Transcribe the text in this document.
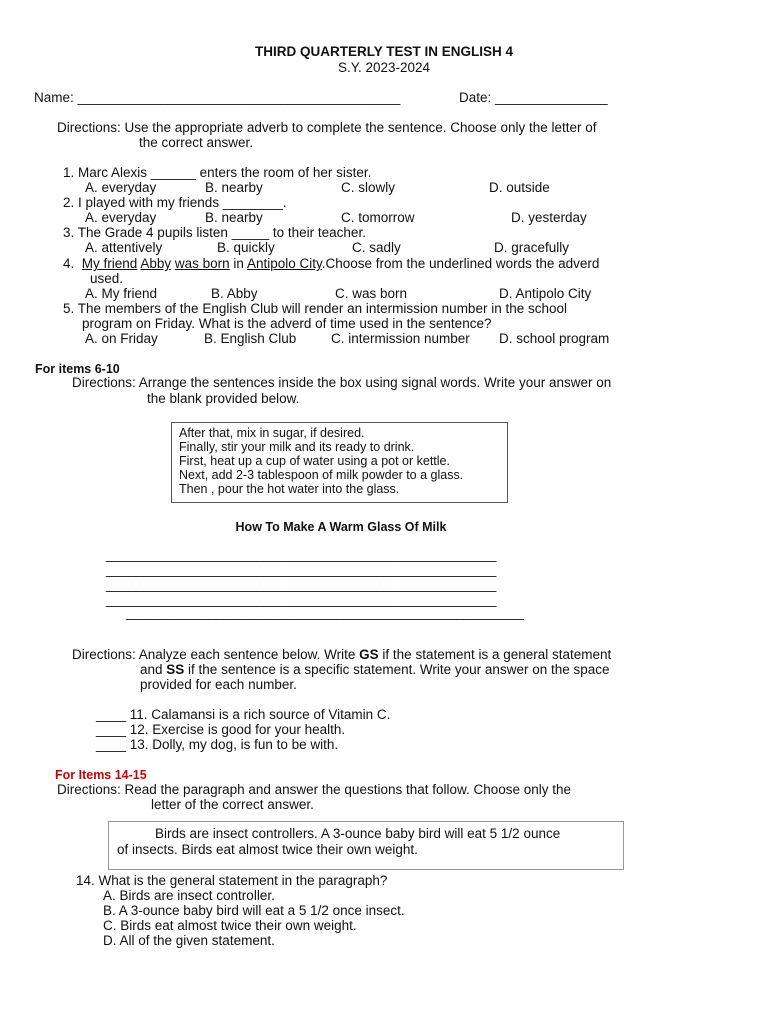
THIRD QUARTERLY TEST IN ENGLISH 4
S.Y. 2023-2024
Name: ___________________________________________	Date: _______________
Directions: Use the appropriate adverb to complete the sentence. Choose only the letter of
the correct answer.
1. Marc Alexis ______ enters the room of her sister.
A. everyday	B. nearby	C. slowly	D. outside
2. I played with my friends ________.
A. everyday	B. nearby	C. tomorrow	D. yesterday
3. The Grade 4 pupils listen _____ to their teacher.
A. attentively	B. quickly	C. sadly	D. gracefully
4. My friend Abby was born in Antipolo City.Choose from the underlined words the adverd
used.
A. My friend	B. Abby	C. was born	D. Antipolo City
5. The members of the English Club will render an intermission number in the school
program on Friday. What is the adverd of time used in the sentence?
A. on Friday	B. English Club	C. intermission number D. school program
For items 6-10
Directions: Arrange the sentences inside the box using signal words. Write your answer on
the blank provided below.
After that, mix in sugar, if desired.
Finally, stir your milk and its ready to drink.
First, heat up a cup of water using a pot or kettle.
Next, add 2-3 tablespoon of milk powder to a glass.
Then , pour the hot water into the glass.
How To Make A Warm Glass Of Milk
____________________________________________________
____________________________________________________
____________________________________________________
____________________________________________________
_____________________________________________________
Directions: Analyze each sentence below. Write GS if the statement is a general statement
and SS if the sentence is a specific statement. Write your answer on the space
provided for each number.
____ 11. Calamansi is a rich source of Vitamin C.
____ 12. Exercise is good for your health.
____ 13. Dolly, my dog, is fun to be with.
For Items 14-15
Directions: Read the paragraph and answer the questions that follow. Choose only the
letter of the correct answer.
Birds are insect controllers. A 3-ounce baby bird will eat 5 1/2 ounce
of insects. Birds eat almost twice their own weight.
14. What is the general statement in the paragraph?
A. Birds are insect controller.
B. A 3-ounce baby bird will eat a 5 1/2 once insect.
C. Birds eat almost twice their own weight.
D. All of the given statement.
